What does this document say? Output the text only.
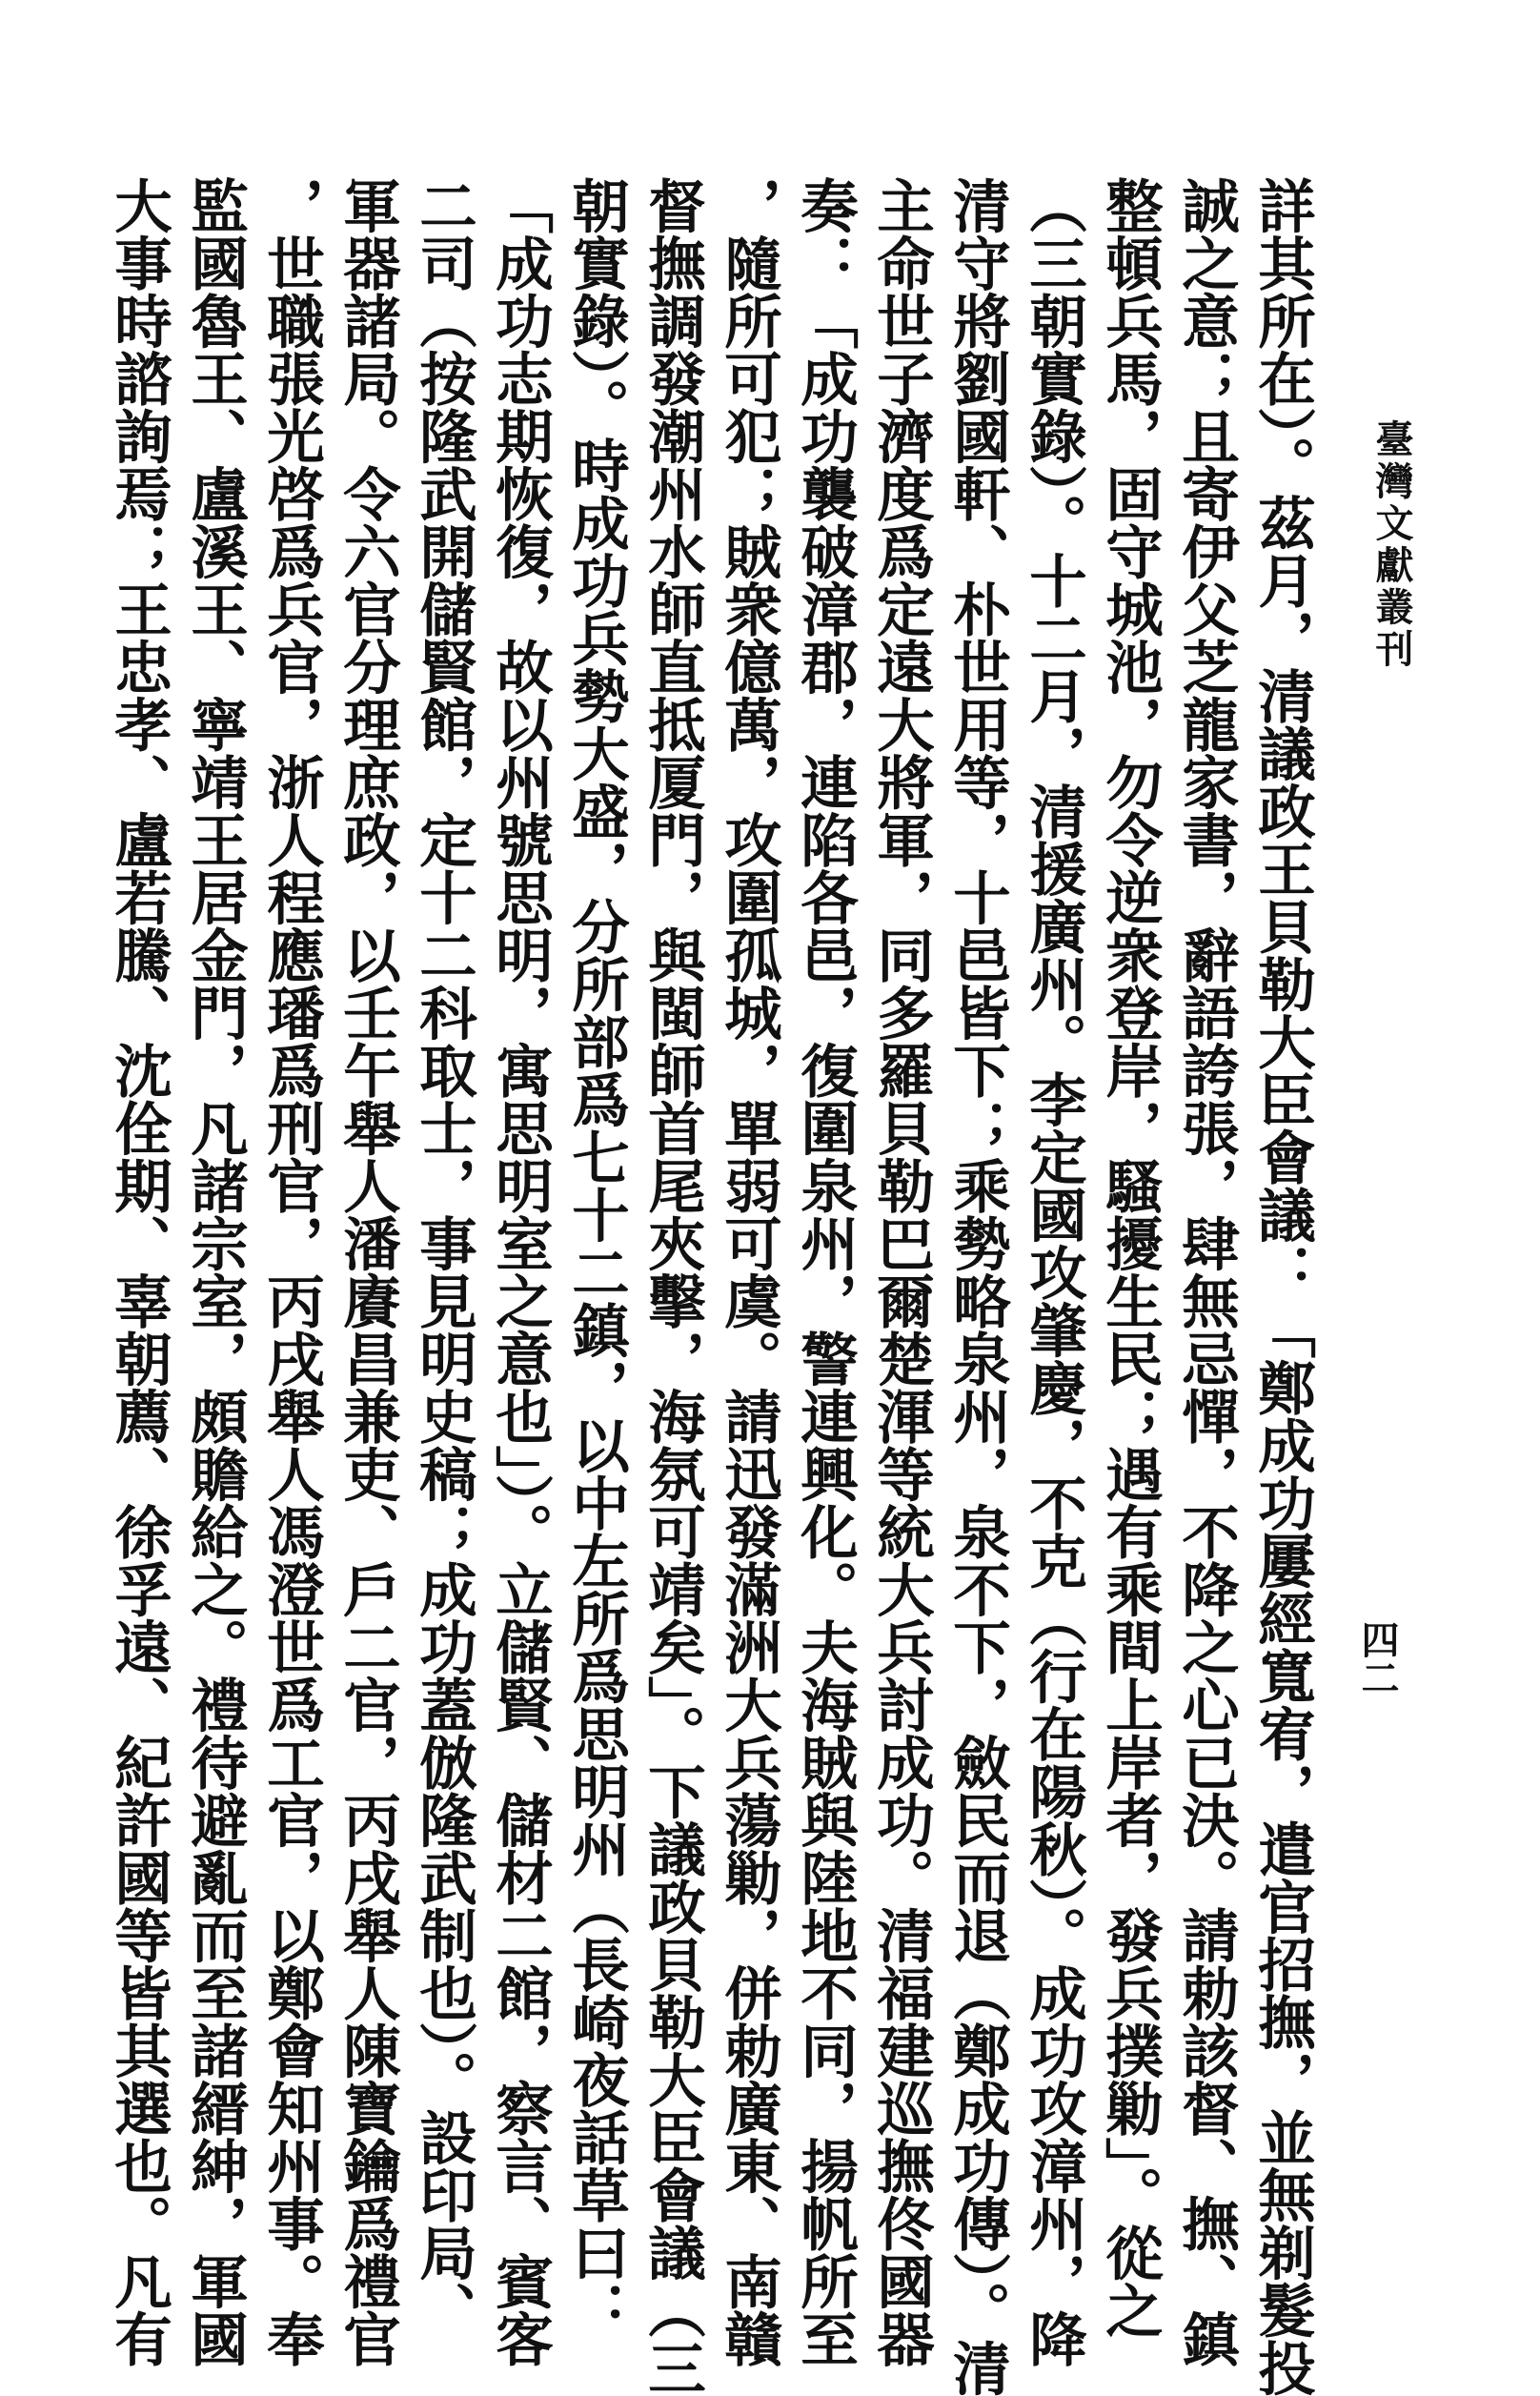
臺灣文獻叢刊
四二
詳其所在）。茲月，清議政王貝勒大臣會議：「鄭成功屢經寬宥，遣官招撫，並無剃髮投
誠之意；且寄伊父芝龍家書，辭語誇張，肆無忌憚，不降之心已決。請勅該督、撫、鎮
整頓兵馬，固守城池，勿令逆衆登岸，騷擾生民；遇有乘間上岸者，發兵撲勦」。從之
（三朝實錄）。十二月，清援廣州。李定國攻肇慶，不克（行在陽秋）。成功攻漳州，降
清守將劉國軒、朴世用等，十邑皆下；乘勢略泉州，泉不下，斂民而退（鄭成功傳）。清
主命世子濟度爲定遠大將軍，同多羅貝勒巴爾楚渾等統大兵討成功。清福建巡撫佟國器
奏：「成功襲破漳郡，連陷各邑，復圍泉州，警連興化。夫海賊與陸地不同，揚帆所至
，隨所可犯；賊衆億萬，攻圍孤城，單弱可虞。請迅發滿洲大兵蕩勦，併勅廣東、南贛
督撫調發潮州水師直抵厦門，與閩師首尾夾擊，海氛可靖矣」。下議政貝勒大臣會議（三
朝實錄）。時成功兵勢大盛，分所部爲七十二鎮，以中左所爲思明州（長崎夜話草曰：
「成功志期恢復，故以州號思明，寓思明室之意也」）。立儲賢、儲材二館，察言、賓客
二司（按隆武開儲賢館，定十二科取士，事見明史稿；成功蓋倣隆武制也）。設印局、
軍器諸局。令六官分理庶政，以壬午舉人潘賡昌兼吏、戶二官，丙戌舉人陳寶鑰爲禮官
，世職張光啓爲兵官，浙人程應璠爲刑官，丙戌舉人馮澄世爲工官，以鄭會知州事。奉
監國魯王、盧溪王、寧靖王居金門，凡諸宗室，頗贍給之。禮待避亂而至諸縉紳，軍國
大事時諮詢焉；王忠孝、盧若騰、沈佺期、辜朝薦、徐孚遠、紀許國等皆其選也。凡有
